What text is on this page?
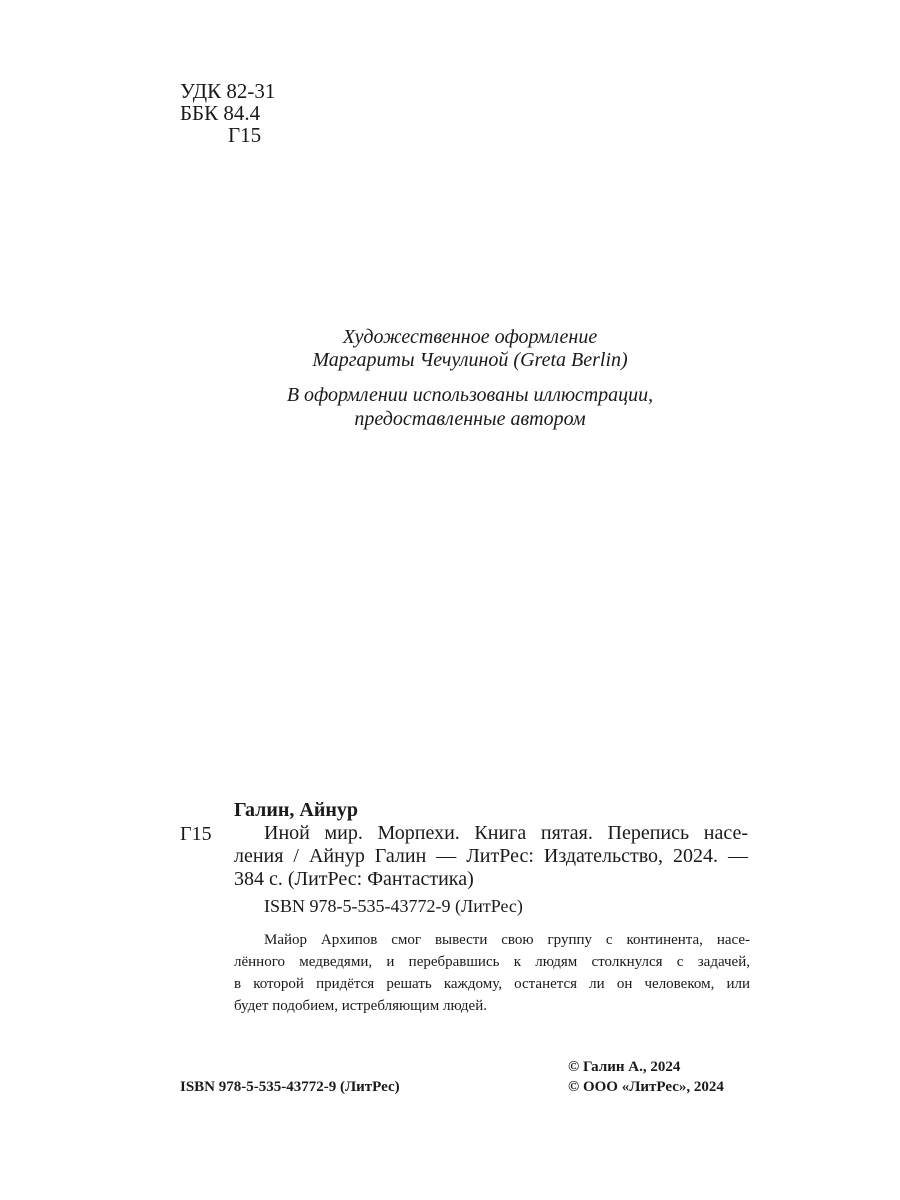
УДК 82-31
ББК 84.4
Г15
Художественное оформление
Маргариты Чечулиной (Greta Berlin)
В оформлении использованы иллюстрации,
предоставленные автором
Галин, Айнур
Г15	Иной мир. Морпехи. Книга пятая. Перепись насе-
ления / Айнур Галин — ЛитРес: Издательство, 2024. —
384 с. (ЛитРес: Фантастика)
ISBN 978-5-535-43772-9 (ЛитРес)
Майор Архипов смог вывести свою группу с континента, насе-
лённого медведями, и перебравшись к людям столкнулся с задачей,
в которой придётся решать каждому, останется ли он человеком, или
будет подобием, истребляющим людей.
© Галин А., 2024
ISBN 978-5-535-43772-9 (ЛитРес)	© ООО «ЛитРес», 2024
